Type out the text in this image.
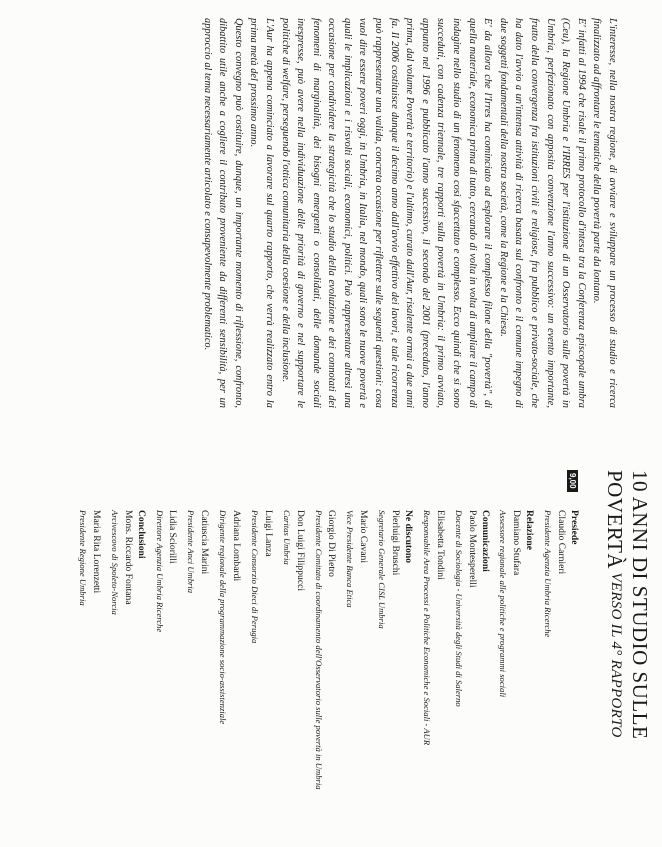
L'interesse, nella nostra regione, di avviare e sviluppare un processo di studio e ricerca finalizzato ad affrontare le tematiche della povertà parte da lontano.

E' infatti al 1994 che risale il primo protocollo d'intesa tra la Conferenza episcopale umbra (Ceu), la Regione Umbria e l'IRRES per l'istituzione di un Osservatorio sulle povertà in Umbria, perfezionato con apposita convenzione l'anno successivo: un evento importante, frutto della convergenza fra istituzioni civili e religiose, fra pubblico e privato-sociale, che ha dato l'avvio a un'intensa attività di ricerca basata sul confronto e il comune impegno di due soggetti fondamentali della nostra società, come la Regione e la Chiesa.

E' da allora che l'Irres ha cominciato ad esplorare il complesso filone della "povertà", di quella materiale, economica prima di tutto, cercando di volta in volta di ampliare il campo di indagine nello studio di un fenomeno così sfaccettato e complesso. Ecco quindi che si sono succeduti, con cadenza triennale, tre rapporti sulla povertà in Umbria: il primo avviato, appunto nel 1996 e pubblicato l'anno successivo, il secondo del 2001 (preceduto, l'anno prima, dal volume Povertà e territorio) e l'ultimo, curato dall'Aur, risalente ormai a due anni fa. Il 2006 costituisce dunque il decimo anno dall'avvio effettivo dei lavori, e tale ricorrenza può rappresentare una valida, concreta occasione per riflettere sulle seguenti questioni: cosa vuol dire essere poveri oggi, in Umbria, in Italia, nel mondo, quali sono le nuove povertà e quali le implicazioni e i risvolti sociali, economici, politici. Può rappresentare altresì una occasione per condividere la strategicità che lo studio della evoluzione e dei connotati dei fenomeni di marginalità, dei bisogni emergenti o consolidati, delle domande sociali inespresse, può avere nella individuazione delle priorità di governo e nel supportare le politiche di welfare, perseguendo l'ottica comunitaria della coesione e della inclusione.

L'Aur ha appena cominciato a lavorare sul quarto rapporto, che verrà realizzato entro la prima metà del prossimo anno.

Questo convegno può costituire, dunque, un importante momento di riflessione, confronto, dibattito utile anche a cogliere il contributo proveniente da differenti sensibilità, per un approccio al tema necessariamente articolato e consapevolmente problematico.

10 ANNI DI STUDIO SULLE POVERTÀ
VERSO IL 4° RAPPORTO
9,00
Presiede
Claudio Carnieri
Presidente Agenzia Umbria Ricerche
Relazione
Damiano Stufara
Assessore regionale alle politiche e programmi sociali
Comunicazioni
Paolo Montesperelli
Docente di Sociologia - Università degli Studi di Salerno
Elisabetta Tondini
Responsabile Area Processi e Politiche Economiche e Sociali - AUR
Ne discutono
Pierluigi Bruschi
Segretario Generale CISL Umbria
Mario Cavani
Vice Presidente Banca Etica
Giorgio Di Pietro
Presidente Comitato di coordinamento dell'Osservatorio sulle povertà in Umbria
Don Luigi Filippucci
Caritas Umbria
Luigi Lanza
Presidente Consorzio Dieci di Perugia
Adriana Lombardi
Dirigente regionale della programmazione socio-assistenziale
Catiuscia Marini
Presidente Anci Umbria
Lidia Sciorilli
Direttore Agenzia Umbria Ricerche
Conclusioni
Mons. Riccardo Fontana
Arcivescovo di Spoleto-Norcia
Maria Rita Lorenzetti
Presidente Regione Umbria
